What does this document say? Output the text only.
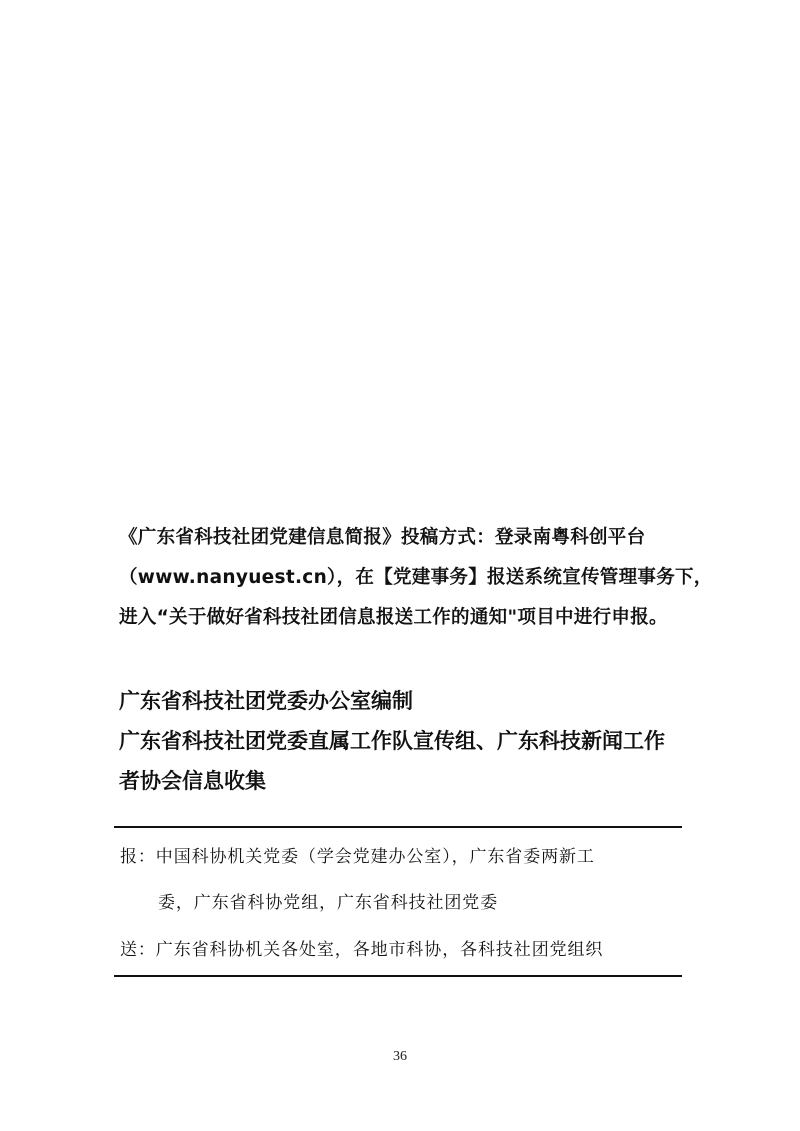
《广东省科技社团党建信息简报》投稿方式：登录南粤科创平台
（www.nanyuest.cn），在【党建事务】报送系统宣传管理事务下，
进入“关于做好省科技社团信息报送工作的通知"项目中进行申报。
广东省科技社团党委办公室编制
广东省科技社团党委直属工作队宣传组、广东科技新闻工作
者协会信息收集
报：中国科协机关党委（学会党建办公室），广东省委两新工
委，广东省科协党组，广东省科技社团党委
送：广东省科协机关各处室，各地市科协，各科技社团党组织
36
